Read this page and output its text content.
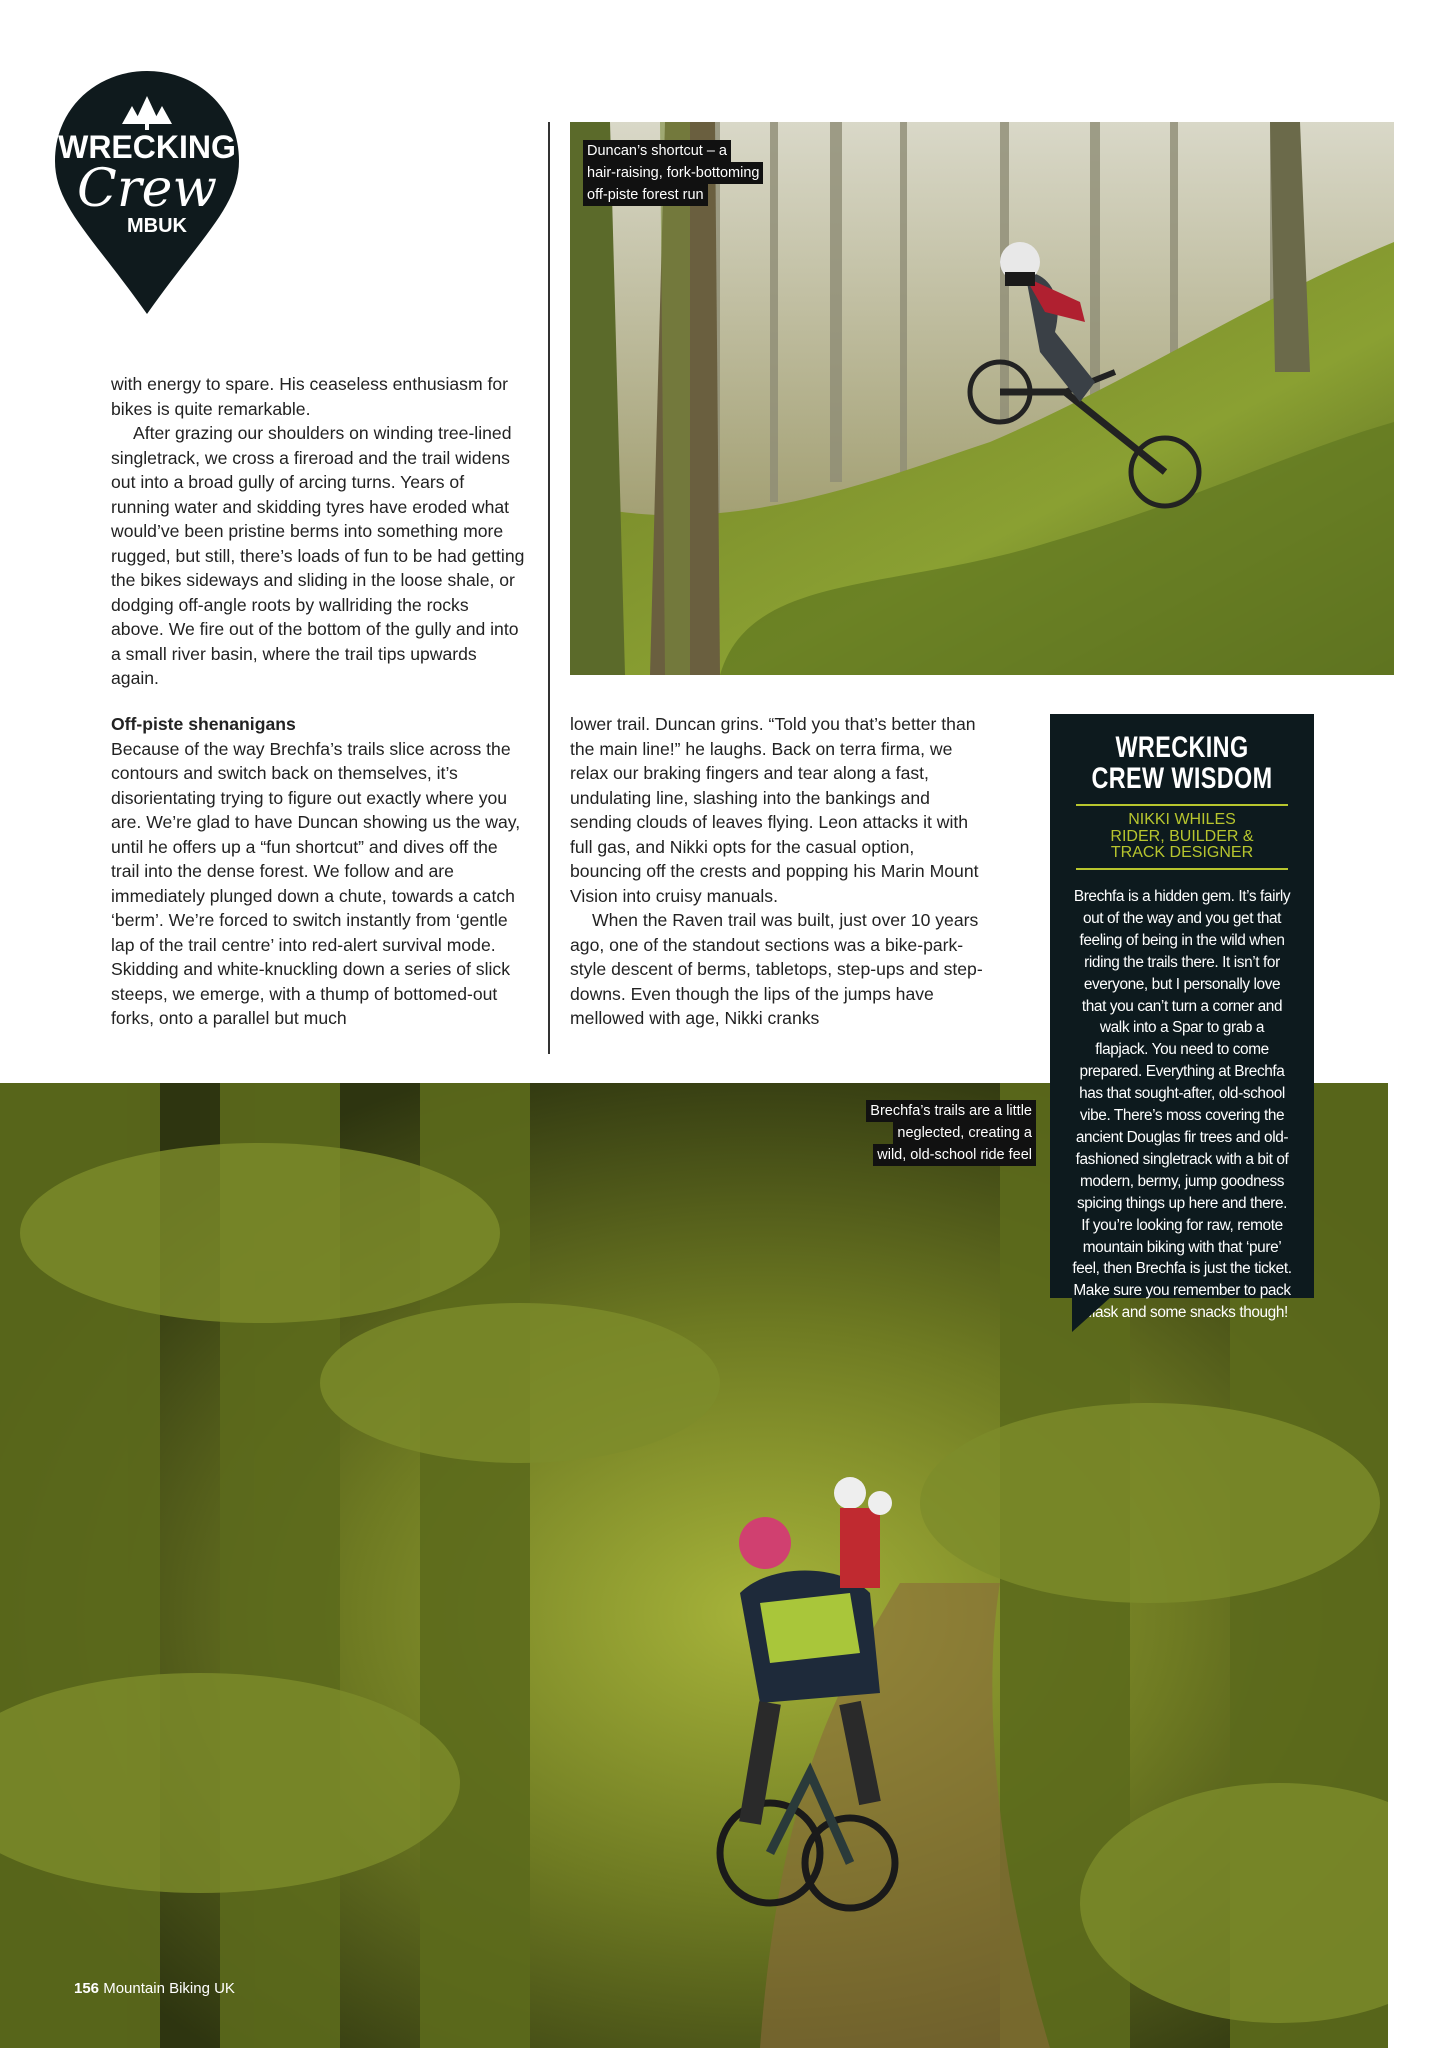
WRECKING
Crew
MBUK

with energy to spare. His ceaseless enthusiasm for bikes is quite remarkable.

After grazing our shoulders on winding tree-lined singletrack, we cross a fireroad and the trail widens out into a broad gully of arcing turns. Years of running water and skidding tyres have eroded what would’ve been pristine berms into something more rugged, but still, there’s loads of fun to be had getting the bikes sideways and sliding in the loose shale, or dodging off-angle roots by wallriding the rocks above. We fire out of the bottom of the gully and into a small river basin, where the trail tips upwards again.

Off-piste shenanigans

Because of the way Brechfa’s trails slice across the contours and switch back on themselves, it’s disorientating trying to figure out exactly where you are. We’re glad to have Duncan showing us the way, until he offers up a “fun shortcut” and dives off the trail into the dense forest. We follow and are immediately plunged down a chute, towards a catch ‘berm’. We’re forced to switch instantly from ‘gentle lap of the trail centre’ into red-alert survival mode. Skidding and white-knuckling down a series of slick steeps, we emerge, with a thump of bottomed-out forks, onto a parallel but much

lower trail. Duncan grins. “Told you that’s better than the main line!” he laughs. Back on terra firma, we relax our braking fingers and tear along a fast, undulating line, slashing into the bankings and sending clouds of leaves flying. Leon attacks it with full gas, and Nikki opts for the casual option, bouncing off the crests and popping his Marin Mount Vision into cruisy manuals.

When the Raven trail was built, just over 10 years ago, one of the standout sections was a bike-park-style descent of berms, tabletops, step-ups and step-downs. Even though the lips of the jumps have mellowed with age, Nikki cranks

Duncan’s shortcut – a
hair-raising, fork-bottoming
off-piste forest run
Brechfa’s trails are a little
neglected, creating a
wild, old-school ride feel
WRECKING
CREW WISDOM
NIKKI WHILES
RIDER, BUILDER &
TRACK DESIGNER
Brechfa is a hidden gem. It’s fairly out of the way and you get that feeling of being in the wild when riding the trails there. It isn’t for everyone, but I personally love that you can’t turn a corner and walk into a Spar to grab a flapjack. You need to come prepared. Everything at Brechfa has that sought-after, old-school vibe. There’s moss covering the ancient Douglas fir trees and old-fashioned singletrack with a bit of modern, bermy, jump goodness spicing things up here and there. If you’re looking for raw, remote mountain biking with that ‘pure’ feel, then Brechfa is just the ticket. Make sure you remember to pack a flask and some snacks though!
156 Mountain Biking UK
